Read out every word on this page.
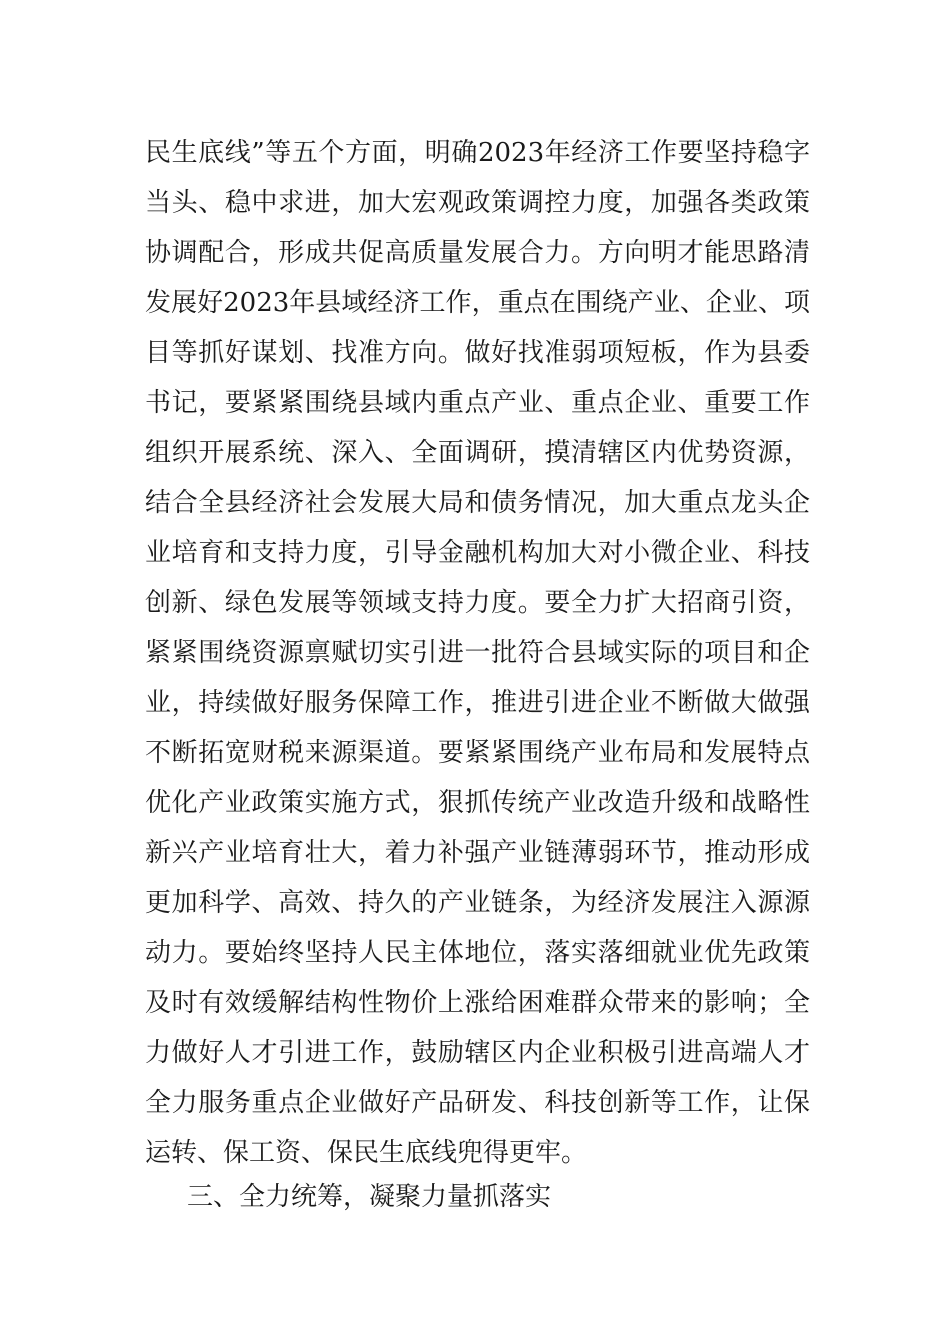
民生底线”等五个方面，明确2023年经济工作要坚持稳字
当头、稳中求进，加大宏观政策调控力度，加强各类政策
协调配合，形成共促高质量发展合力。方向明才能思路清
发展好2023年县域经济工作，重点在围绕产业、企业、项
目等抓好谋划、找准方向。做好找准弱项短板，作为县委
书记，要紧紧围绕县域内重点产业、重点企业、重要工作
组织开展系统、深入、全面调研，摸清辖区内优势资源，
结合全县经济社会发展大局和债务情况，加大重点龙头企
业培育和支持力度，引导金融机构加大对小微企业、科技
创新、绿色发展等领域支持力度。要全力扩大招商引资，
紧紧围绕资源禀赋切实引进一批符合县域实际的项目和企
业，持续做好服务保障工作，推进引进企业不断做大做强
不断拓宽财税来源渠道。要紧紧围绕产业布局和发展特点
优化产业政策实施方式，狠抓传统产业改造升级和战略性
新兴产业培育壮大，着力补强产业链薄弱环节，推动形成
更加科学、高效、持久的产业链条，为经济发展注入源源
动力。要始终坚持人民主体地位，落实落细就业优先政策
及时有效缓解结构性物价上涨给困难群众带来的影响；全
力做好人才引进工作，鼓励辖区内企业积极引进高端人才
全力服务重点企业做好产品研发、科技创新等工作，让保
运转、保工资、保民生底线兜得更牢。
三、全力统筹，凝聚力量抓落实
